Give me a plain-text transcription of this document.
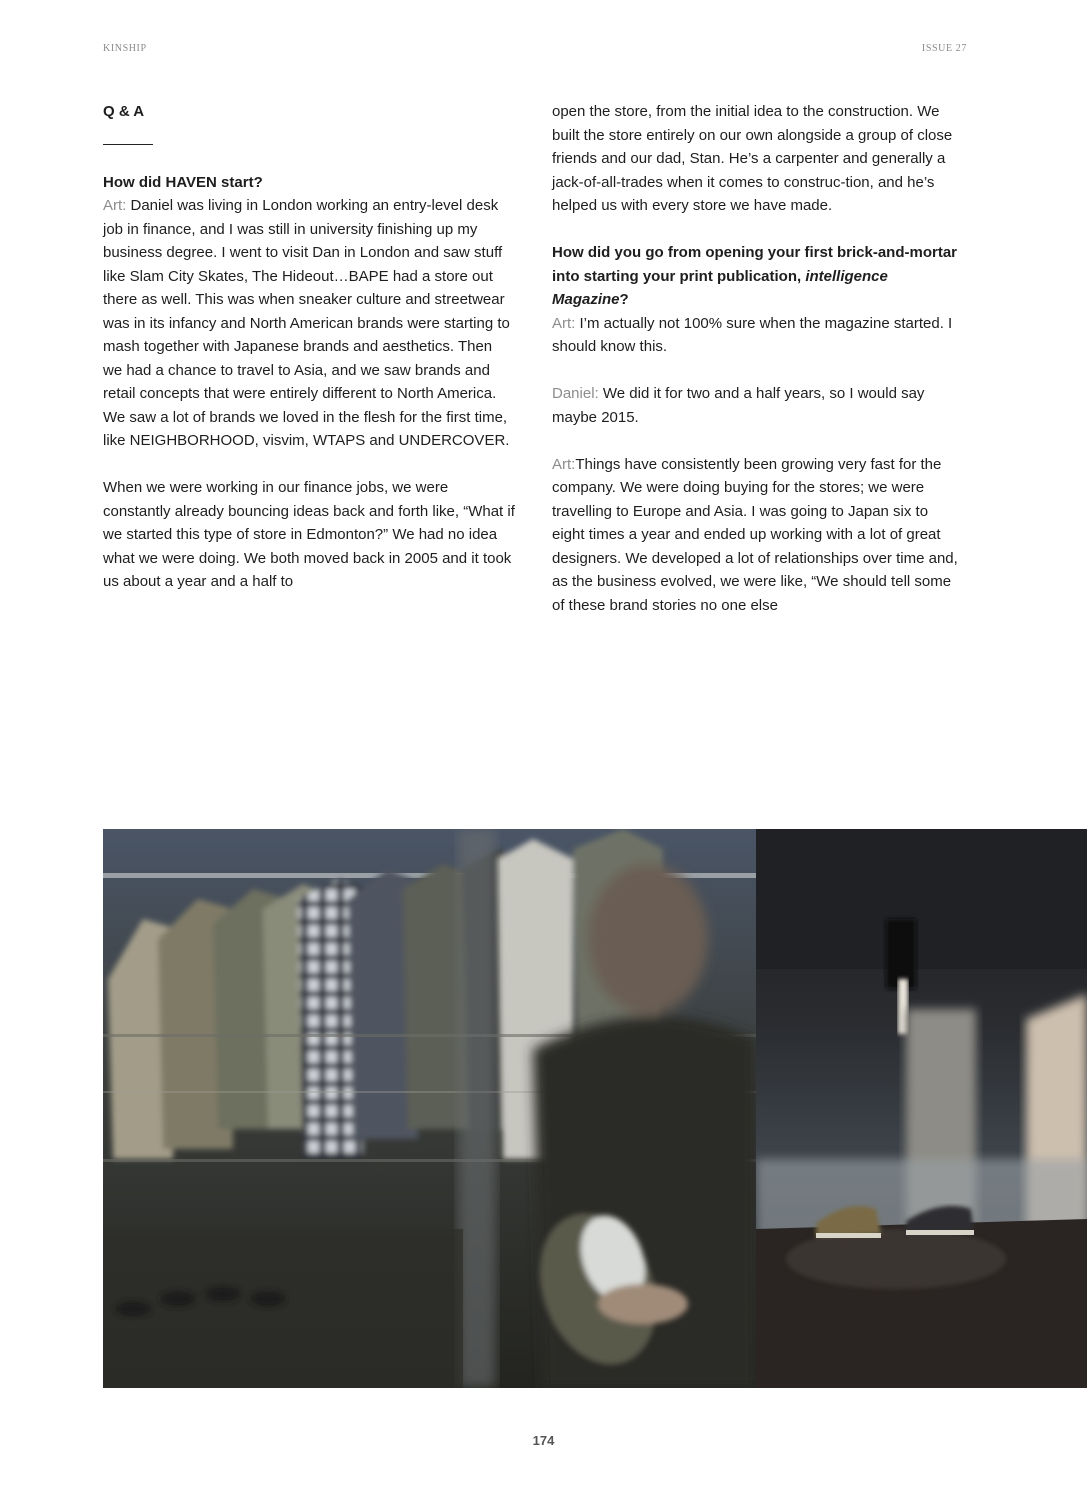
KINSHIP	ISSUE 27
Q & A

How did HAVEN start?
Art: Daniel was living in London working an entry-level desk job in finance, and I was still in university finishing up my business degree. I went to visit Dan in London and saw stuff like Slam City Skates, The Hideout…BAPE had a store out there as well. This was when sneaker culture and streetwear was in its infancy and North American brands were starting to mash together with Japanese brands and aesthetics. Then we had a chance to travel to Asia, and we saw brands and retail concepts that were entirely different to North America. We saw a lot of brands we loved in the flesh for the first time, like NEIGHBORHOOD, visvim, WTAPS and UNDERCOVER.

When we were working in our finance jobs, we were constantly already bouncing ideas back and forth like, “What if we started this type of store in Edmonton?” We had no idea what we were doing. We both moved back in 2005 and it took us about a year and a half to

open the store, from the initial idea to the construction. We built the store entirely on our own alongside a group of close friends and our dad, Stan. He’s a carpenter and generally a jack-of-all-trades when it comes to construc-tion, and he’s helped us with every store we have made.

How did you go from opening your first brick-and-mortar into starting your print publication, intelligence Magazine?
Art: I’m actually not 100% sure when the magazine started. I should know this.

Daniel: We did it for two and a half years, so I would say maybe 2015.

Art:Things have consistently been growing very fast for the company. We were doing buying for the stores; we were travelling to Europe and Asia. I was going to Japan six to eight times a year and ended up working with a lot of great designers. We developed a lot of relationships over time and, as the business evolved, we were like, “We should tell some of these brand stories no one else

174
